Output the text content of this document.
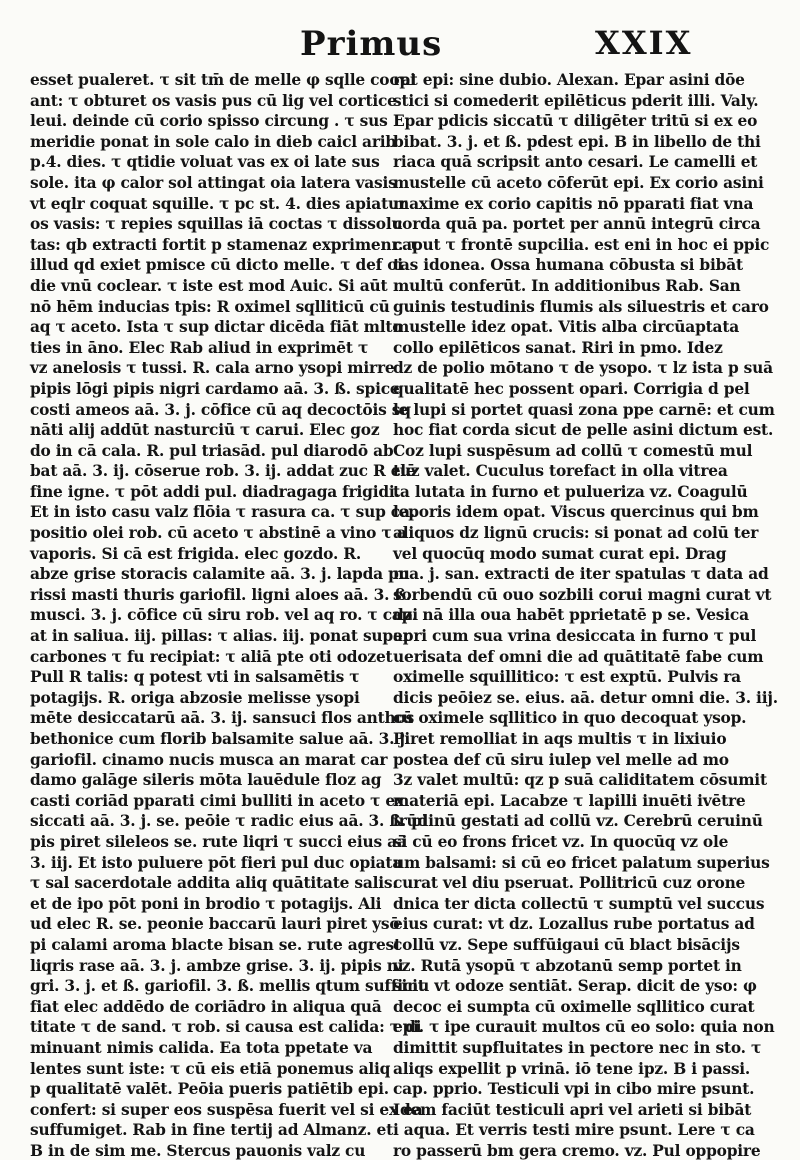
Primus	XXIX
esset pualeret. τ sit tm̄ de melle φ sqlle coopi
ant: τ obturet os vasis pus cū lig vel cortice
leui. deinde cū corio spisso circung . τ sus
meridie ponat in sole calo in dieb caicl arib
p.4. dies. τ qtidie voluat vas ex oi late sus
sole. ita φ calor sol attingat oia latera vasis
vt eqlr coquat squille. τ pc st. 4. dies apiatur
os vasis: τ repies squillas iā coctas τ dissolu
tas: qb extracti fortit p stamenaz exprimenr. τ
illud qd exiet pmisce cū dicto melle. τ def oi
die vnū coclear. τ iste est mod Auic. Si aūt
nō hēm inducias tpis: R oximel sqlliticū cū
aq τ aceto. Ista τ sup dictar dicēda fiāt mlto
ties in āno. Elec Rab aliud in exprimēt τ
vz anelosis τ tussi. R. cala arno ysopi mirre
pipis lōgi pipis nigri cardamo aā. 3. ß. spice
costi ameos aā. 3. j. cōfice cū aq decoctōis sq
nāti alij addūt nasturciū τ carui. Elec goz
do in cā cala. R. pul triasād. pul diarodō ab
bat aā. 3. ij. cōserue rob. 3. ij. addat zuc R elē
fine igne. τ pōt addi pul. diadragaga frigidi.
Et in isto casu valz flōia τ rasura ca. τ sup ca.
positio olei rob. cū aceto τ abstinē a vino τ a
vaporis. Si cā est frigida. elec gozdo. R.
abze grise storacis calamite aā. 3. j. lapda pu
rissi masti thuris gariofil. ligni aloes aā. 3. ß.
musci. 3. j. cōfice cū siru rob. vel aq ro. τ capi
at in saliua. iij. pillas: τ alias. iij. ponat super
carbones τ fu recipiat: τ aliā pte oti odozet
Pull R talis: q potest vti in salsamētis τ
potagijs. R. origa abzosie melisse ysopi
mēte desiccatarū aā. 3. ij. sansuci flos anthos
bethonice cum florib balsamite salue aā. 3. j.
gariofil. cinamo nucis musca an marat car
damo galāge sileris mōta lauēdule floz ag
casti coriād pparati cimi bulliti in aceto τ ex
siccati aā. 3. j. se. peōie τ radic eius aā. 3. ß. pi
pis piret sileleos se. rute liqri τ succi eius aā
3. iij. Et isto puluere pōt fieri pul duc opiata
τ sal sacerdotale addita aliq quātitate salis.
et de ipo pōt poni in brodio τ potagijs. Ali
ud elec R. se. peonie baccarū lauri piret ysō
pi calami aroma blacte bisan se. rute agrest
liqris rase aā. 3. j. ambze grise. 3. ij. pipis ni
gri. 3. j. et ß. gariofil. 3. ß. mellis qtum sufficit
fiat elec addēdo de coriādro in aliqua quā
titate τ de sand. τ rob. si causa est calida: τ di
minuant nimis calida. Ea tota ppetate va
lentes sunt iste: τ cū eis etiā ponemus aliq
p qualitatē valēt. Peōia pueris patiētib epi.
confert: si super eos suspēsa fuerit vel si ex ea
suffumiget. Rab in fine tertij ad Almanz. et
B in de sim me. Stercus pauonis valz cu
rat epi: sine dubio. Alexan. Epar asini dōe
stici si comederit epilēticus pderit illi. Valy.
Epar pdicis siccatū τ diligēter tritū si ex eo
bibat. 3. j. et ß. pdest epi. B in libello de thi
riaca quā scripsit anto cesari. Le camelli et
mustelle cū aceto cōferūt epi. Ex corio asini
maxime ex corio capitis nō pparati fiat vna
corda quā pa. portet per annū integrū circa
caput τ frontē supcilia. est eni in hoc ei ppic
tas idonea. Ossa humana cōbusta si bibāt
multū conferūt. In additionibus Rab. San
guinis testudinis flumis als siluestris et caro
mustelle idez opat. Vitis alba circūaptata
collo epilēticos sanat. Riri in pmo. Idez
dz de polio mōtano τ de ysopo. τ lz ista p suā
qualitatē hec possent opari. Corrigia d pel
le lupi si portet quasi zona ppe carnē: et cum
hoc fiat corda sicut de pelle asini dictum est.
Coz lupi suspēsum ad collū τ comestū mul
tuz valet. Cuculus torefact in olla vitrea
ta lutata in furno et pulueriza vz. Coagulū
leporis idem opat. Viscus quercinus qui bm
aliquos dz lignū crucis: si ponat ad colū ter
vel quocūq modo sumat curat epi. Drag
ma. j. san. extracti de iter spatulas τ data ad
sorbendū cū ouo sozbili corui magni curat vt
dz. nā illa oua habēt pprietatē p se. Vesica
apri cum sua vrina desiccata in furno τ pul
uerisata def omni die ad quātitatē fabe cum
oximelle squillitico: τ est exptū. Pulvis ra
dicis peōiez se. eius. aā. detur omni die. 3. iij.
cū oximele sqllitico in quo decoquat ysop.
Piret remolliat in aqs multis τ in lixiuio
postea def cū siru iulep vel melle ad mo
3z valet multū: qz p suā caliditatem cōsumit
materiā epi. Lacabze τ lapilli inuēti ivētre
irūdinū gestati ad collū vz. Cerebrū ceruinū
si cū eo frons fricet vz. In quocūq vz ole
um balsami: si cū eo fricet palatum superius
curat vel diu pseruat. Pollitricū cuz orone
dnica ter dicta collectū τ sumptū vel succus
eius curat: vt dz. Lozallus rube portatus ad
collū vz. Sepe suffūigaui cū blact bisācijs
vz. Rutā ysopū τ abzotanū semp portet in
sinu vt odoze sentiāt. Serap. dicit de yso: φ
decoc ei sumpta cū oximelle sqllitico curat
epi. τ ipe curauit multos cū eo solo: quia non
dimittit supfluitates in pectore nec in sto. τ
aliqs expellit p vrinā. iō tene ipz. B i passi.
cap. pprio. Testiculi vpi in cibo mire psunt.
Idem faciūt testiculi apri vel arieti si bibāt
i aqua. Et verris testi mire psunt. Lere τ ca
ro passerū bm gera cremo. vz. Pul oppopire
